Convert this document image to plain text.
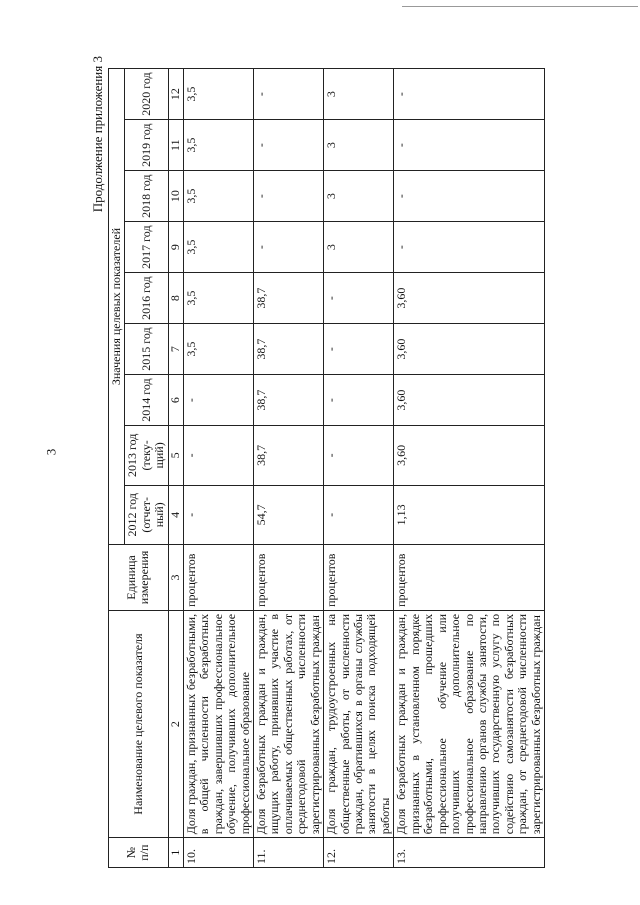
3
Продолжение приложения 3
№ п/п	Наименование целевого показателя	Единица измерения	Значения целевых показателей								
			2012 год (отчет-ный)	2013 год (теку-щий)	2014 год	2015 год	2016 год	2017 год	2018 год	2019 год	2020 год
1	2	3	4	5	6	7	8	9	10	11	12
10.	Доля граждан, признанных безработными, в общей численности безработных граждан, завершивших профессиональное обучение, получивших дополнительное профессиональное образование	процентов	-	-	-	3,5	3,5	3,5	3,5	3,5	3,5
11.	Доля безработных граждан и граждан, ищущих работу, принявших участие в оплачиваемых общественных работах, от среднегодовой численности зарегистрированных безработных граждан	процентов	54,7	38,7	38,7	38,7	38,7	-	-	-	-
12.	Доля граждан, трудоустроенных на общественные работы, от численности граждан, обратившихся в органы службы занятости в целях поиска подходящей работы	процентов	-	-	-	-	-	3	3	3	3
13.	Доля безработных граждан и граждан, признанных в установленном порядке безработными, прошедших профессиональное обучение или получивших дополнительное профессиональное образование по направлению органов службы занятости, получивших государственную услугу по содействию самозанятости безработных граждан, от среднегодовой численности зарегистрированных безработных граждан	процентов	1,13	3,60	3,60	3,60	3,60	-	-	-	-
